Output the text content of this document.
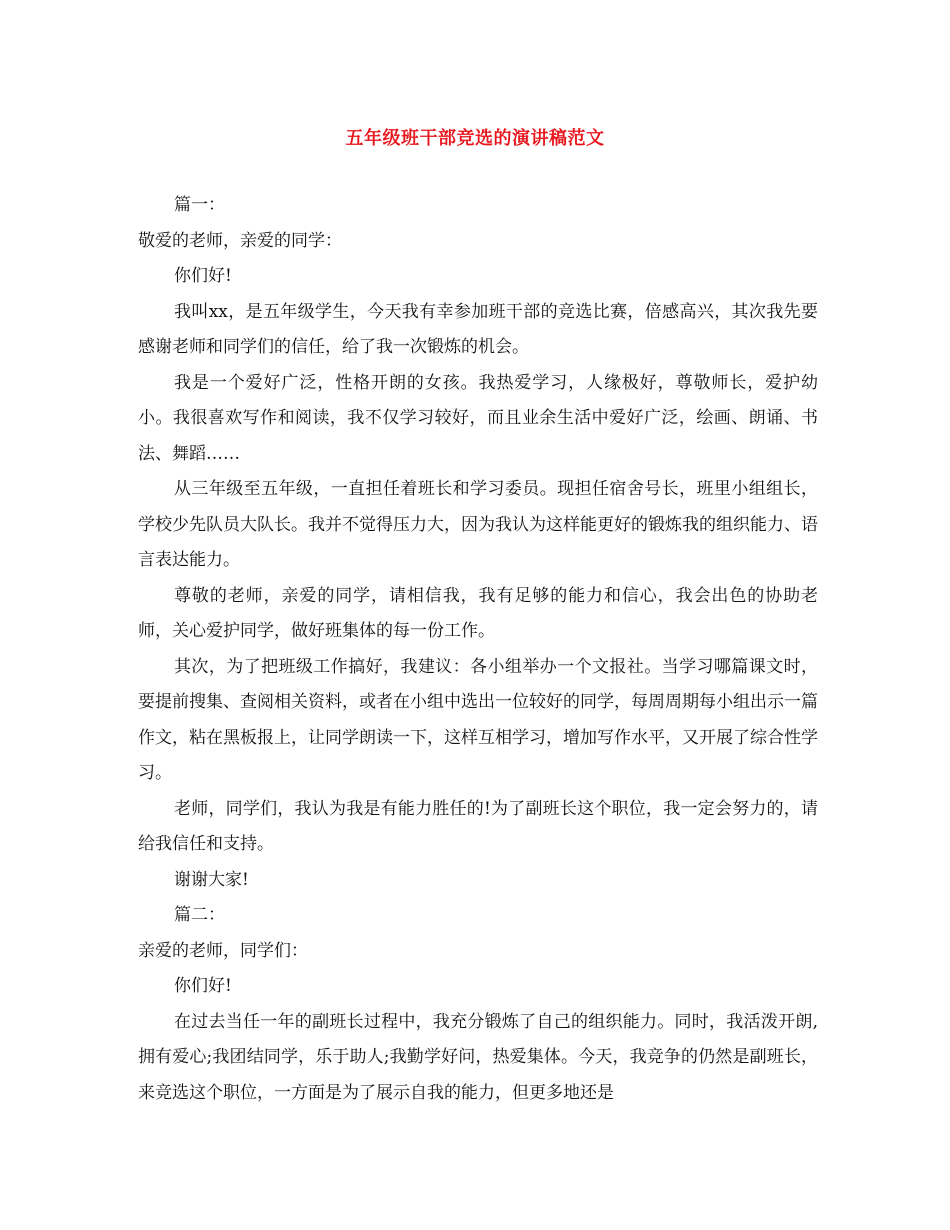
五年级班干部竞选的演讲稿范文

篇一：

敬爱的老师，亲爱的同学：

你们好!

我叫xx，是五年级学生，今天我有幸参加班干部的竞选比赛，倍感高兴，其次我先要感谢老师和同学们的信任，给了我一次锻炼的机会。

我是一个爱好广泛，性格开朗的女孩。我热爱学习，人缘极好，尊敬师长，爱护幼小。我很喜欢写作和阅读，我不仅学习较好，而且业余生活中爱好广泛，绘画、朗诵、书法、舞蹈……

从三年级至五年级，一直担任着班长和学习委员。现担任宿舍号长，班里小组组长，学校少先队员大队长。我并不觉得压力大，因为我认为这样能更好的锻炼我的组织能力、语言表达能力。

尊敬的老师，亲爱的同学，请相信我，我有足够的能力和信心，我会出色的协助老师，关心爱护同学，做好班集体的每一份工作。

其次，为了把班级工作搞好，我建议：各小组举办一个文报社。当学习哪篇课文时，要提前搜集、查阅相关资料，或者在小组中选出一位较好的同学，每周周期每小组出示一篇作文，粘在黑板报上，让同学朗读一下，这样互相学习，增加写作水平，又开展了综合性学习。

老师，同学们，我认为我是有能力胜任的!为了副班长这个职位，我一定会努力的，请给我信任和支持。

谢谢大家!

篇二：

亲爱的老师，同学们：

你们好!

在过去当任一年的副班长过程中，我充分锻炼了自己的组织能力。同时，我活泼开朗,拥有爱心;我团结同学，乐于助人;我勤学好问，热爱集体。今天，我竞争的仍然是副班长，来竞选这个职位，一方面是为了展示自我的能力，但更多地还是
